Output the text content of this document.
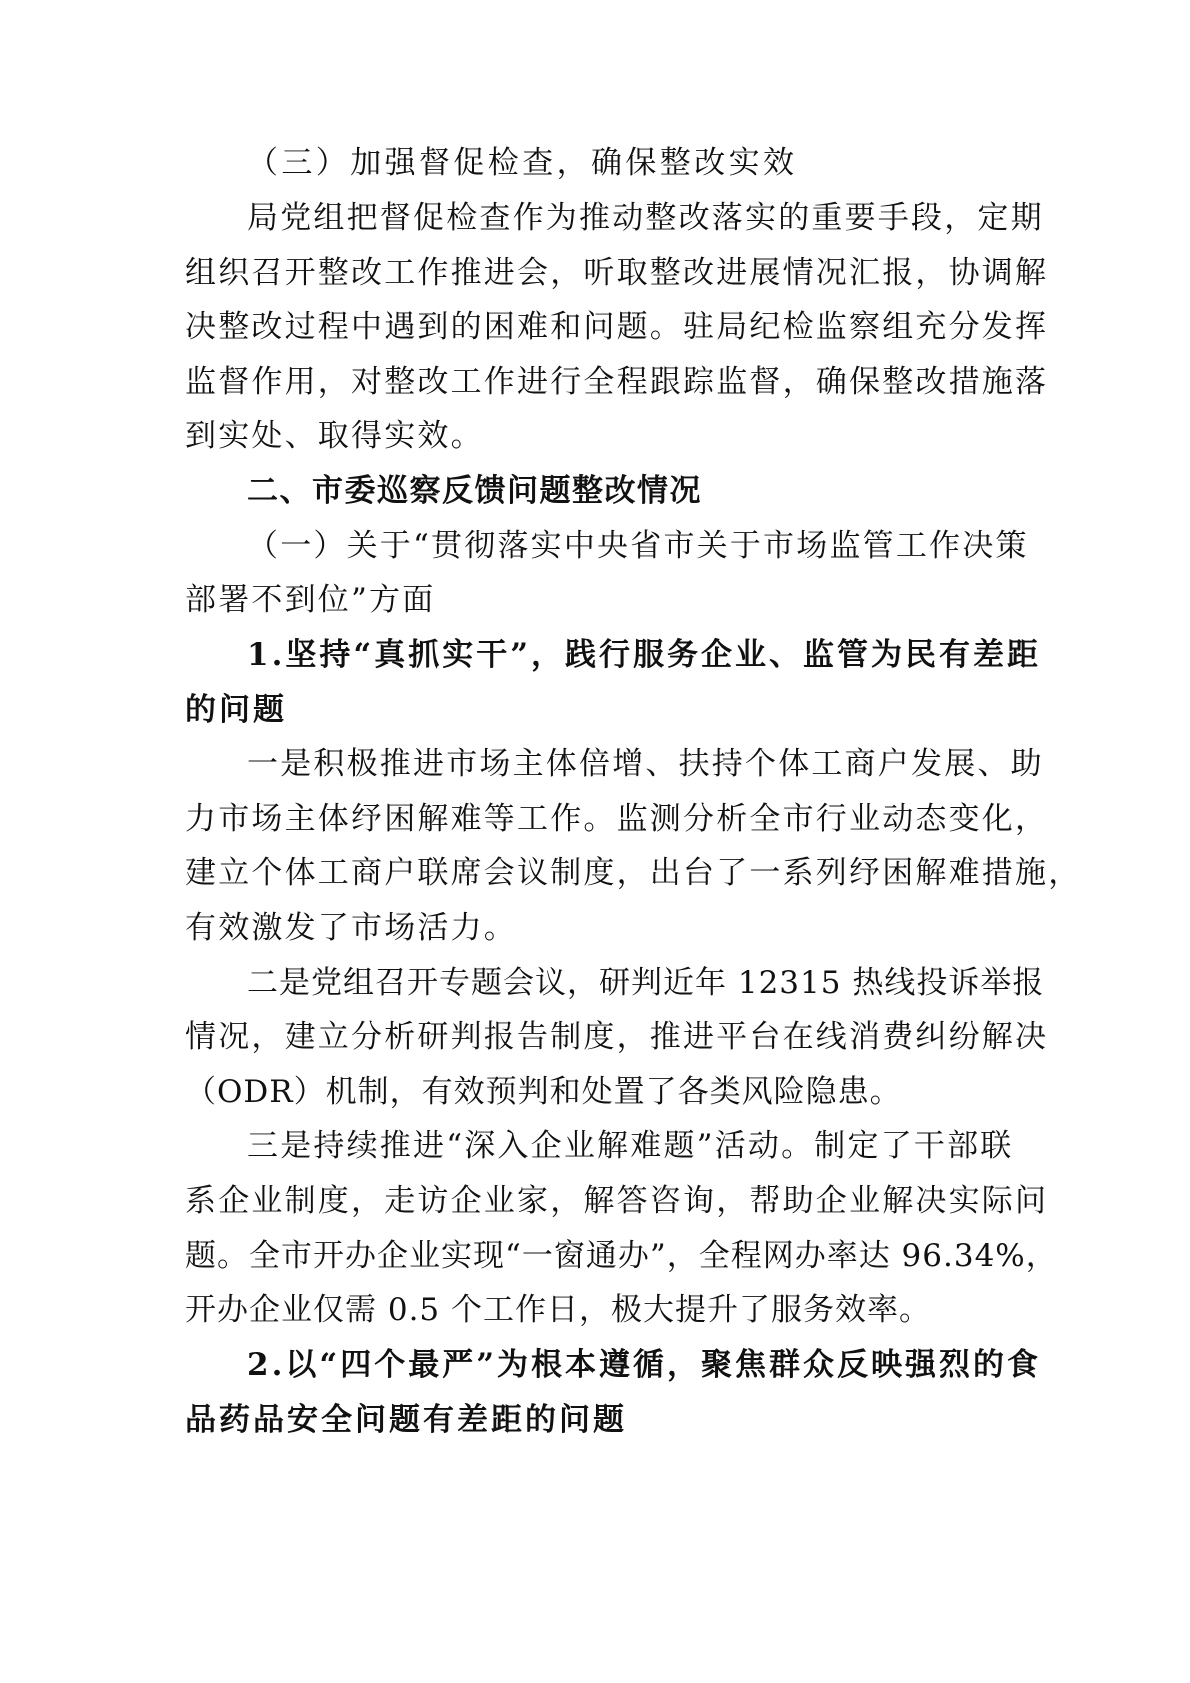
（三）加强督促检查，确保整改实效
局党组把督促检查作为推动整改落实的重要手段，定期
组织召开整改工作推进会，听取整改进展情况汇报，协调解
决整改过程中遇到的困难和问题。驻局纪检监察组充分发挥
监督作用，对整改工作进行全程跟踪监督，确保整改措施落
到实处、取得实效。
二、市委巡察反馈问题整改情况
（一）关于“贯彻落实中央省市关于市场监管工作决策
部署不到位”方面
1.坚持“真抓实干”，践行服务企业、监管为民有差距
的问题
一是积极推进市场主体倍增、扶持个体工商户发展、助
力市场主体纾困解难等工作。监测分析全市行业动态变化，
建立个体工商户联席会议制度，出台了一系列纾困解难措施，
有效激发了市场活力。
二是党组召开专题会议，研判近年 12315 热线投诉举报
情况，建立分析研判报告制度，推进平台在线消费纠纷解决
（ODR）机制，有效预判和处置了各类风险隐患。
三是持续推进“深入企业解难题”活动。制定了干部联
系企业制度，走访企业家，解答咨询，帮助企业解决实际问
题。全市开办企业实现“一窗通办”，全程网办率达 96.34%，
开办企业仅需 0.5 个工作日，极大提升了服务效率。
2.以“四个最严”为根本遵循，聚焦群众反映强烈的食
品药品安全问题有差距的问题
